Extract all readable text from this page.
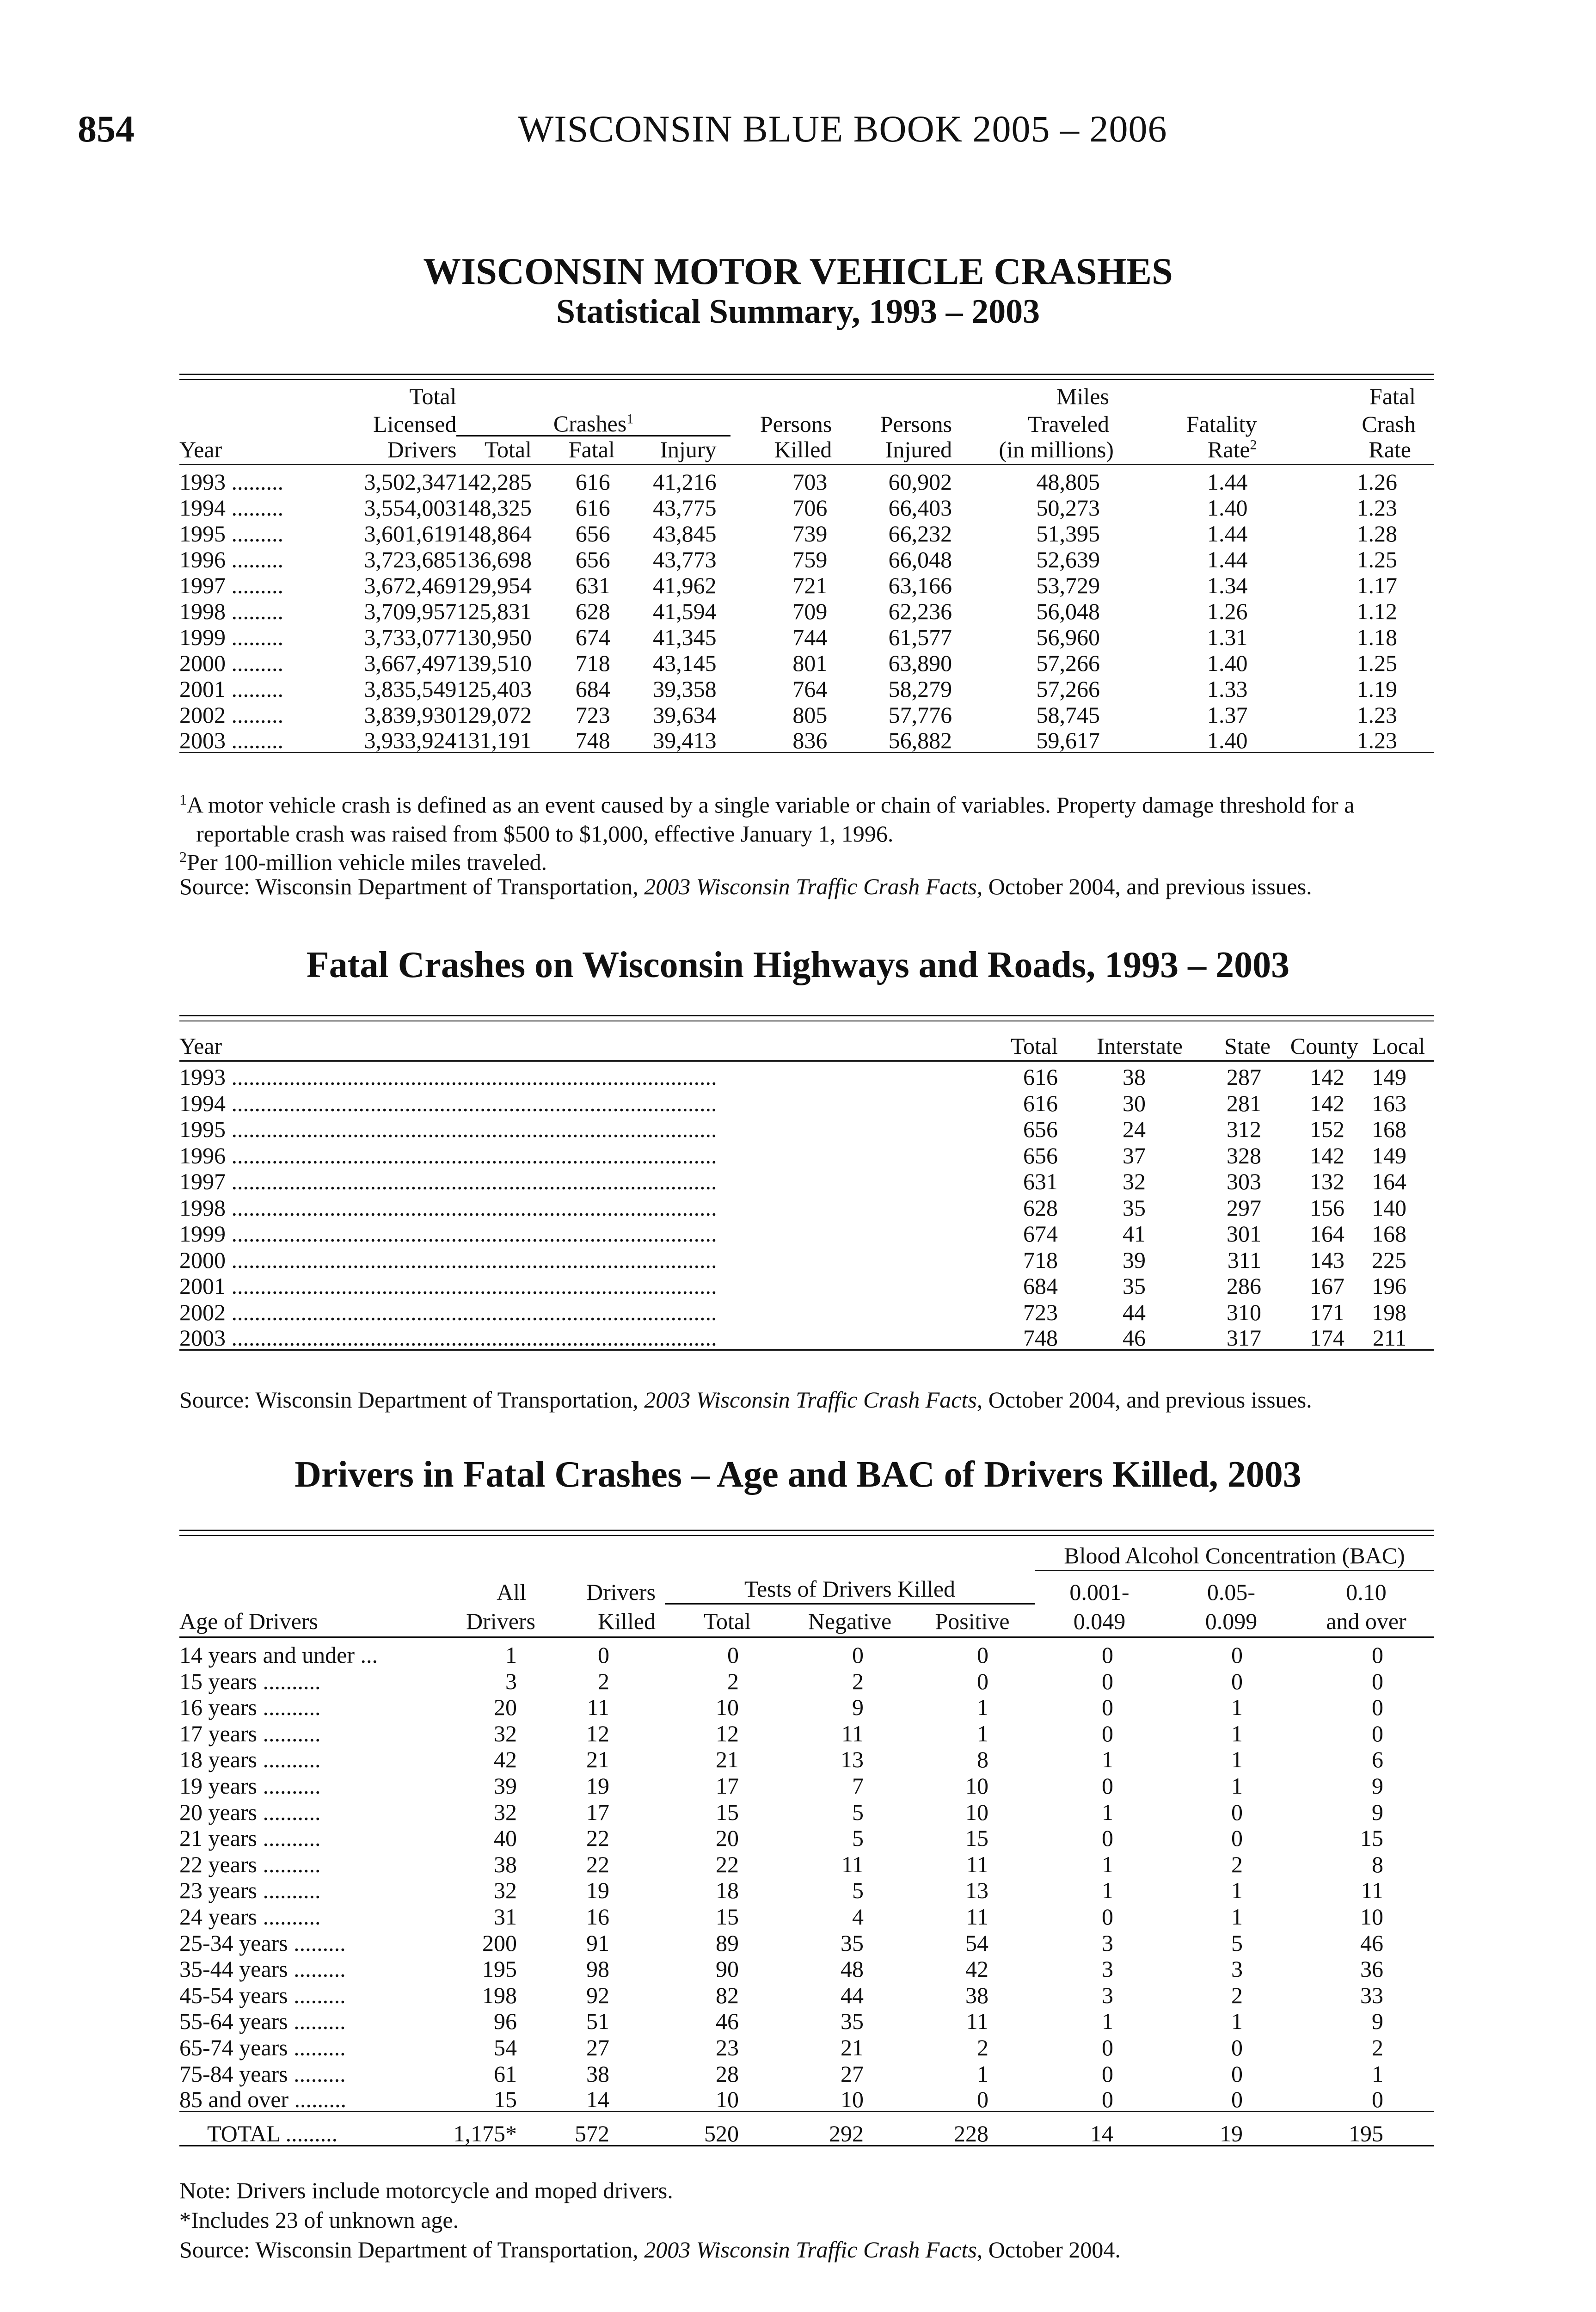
854	WISCONSIN BLUE BOOK 2005 – 2006
WISCONSIN MOTOR VEHICLE CRASHES
Statistical Summary, 1993 – 2003
	Total						Miles		Fatal
	Licensed	Crashes$^1$			Persons	Persons	Traveled	Fatality	Crash
Year	Drivers	Total	Fatal	Injury	Killed	Injured	(in millions)	Rate$^2$	Rate
1993 .........	3,502,347	142,285	616	41,216	703	60,902	48,805	1.44	1.26
1994 .........	3,554,003	148,325	616	43,775	706	66,403	50,273	1.40	1.23
1995 .........	3,601,619	148,864	656	43,845	739	66,232	51,395	1.44	1.28
1996 .........	3,723,685	136,698	656	43,773	759	66,048	52,639	1.44	1.25
1997 .........	3,672,469	129,954	631	41,962	721	63,166	53,729	1.34	1.17
1998 .........	3,709,957	125,831	628	41,594	709	62,236	56,048	1.26	1.12
1999 .........	3,733,077	130,950	674	41,345	744	61,577	56,960	1.31	1.18
2000 .........	3,667,497	139,510	718	43,145	801	63,890	57,266	1.40	1.25
2001 .........	3,835,549	125,403	684	39,358	764	58,279	57,266	1.33	1.19
2002 .........	3,839,930	129,072	723	39,634	805	57,776	58,745	1.37	1.23
2003 .........	3,933,924	131,191	748	39,413	836	56,882	59,617	1.40	1.23
$^1$A motor vehicle crash is defined as an event caused by a single variable or chain of variables. Property damage threshold for a
reportable crash was raised from $500 to $1,000, effective January 1, 1996.
$^2$Per 100-million vehicle miles traveled.
Source: Wisconsin Department of Transportation, 2003 Wisconsin Traffic Crash Facts, October 2004, and previous issues.
Fatal Crashes on Wisconsin Highways and Roads, 1993 – 2003
Year	Total	Interstate	State	County	Local
1993 ....................................................................................	616	38	287	142	149
1994 ....................................................................................	616	30	281	142	163
1995 ....................................................................................	656	24	312	152	168
1996 ....................................................................................	656	37	328	142	149
1997 ....................................................................................	631	32	303	132	164
1998 ....................................................................................	628	35	297	156	140
1999 ....................................................................................	674	41	301	164	168
2000 ....................................................................................	718	39	311	143	225
2001 ....................................................................................	684	35	286	167	196
2002 ....................................................................................	723	44	310	171	198
2003 ....................................................................................	748	46	317	174	211
Source: Wisconsin Department of Transportation, 2003 Wisconsin Traffic Crash Facts, October 2004, and previous issues.
Drivers in Fatal Crashes – Age and BAC of Drivers Killed, 2003
						Blood Alcohol Concentration (BAC)		
	All	Drivers	Tests of Drivers Killed			0.001-	0.05-	0.10
Age of Drivers	Drivers	Killed	Total	Negative	Positive	0.049	0.099	and over
14 years and under ...	1	0	0	0	0	0	0	0
15 years ..........	3	2	2	2	0	0	0	0
16 years ..........	20	11	10	9	1	0	1	0
17 years ..........	32	12	12	11	1	0	1	0
18 years ..........	42	21	21	13	8	1	1	6
19 years ..........	39	19	17	7	10	0	1	9
20 years ..........	32	17	15	5	10	1	0	9
21 years ..........	40	22	20	5	15	0	0	15
22 years ..........	38	22	22	11	11	1	2	8
23 years ..........	32	19	18	5	13	1	1	11
24 years ..........	31	16	15	4	11	0	1	10
25-34 years .........	200	91	89	35	54	3	5	46
35-44 years .........	195	98	90	48	42	3	3	36
45-54 years .........	198	92	82	44	38	3	2	33
55-64 years .........	96	51	46	35	11	1	1	9
65-74 years .........	54	27	23	21	2	0	0	2
75-84 years .........	61	38	28	27	1	0	0	1
85 and over .........	15	14	10	10	0	0	0	0
TOTAL .........	1,175*	572	520	292	228	14	19	195
Note: Drivers include motorcycle and moped drivers.
*Includes 23 of unknown age.
Source: Wisconsin Department of Transportation, 2003 Wisconsin Traffic Crash Facts, October 2004.
